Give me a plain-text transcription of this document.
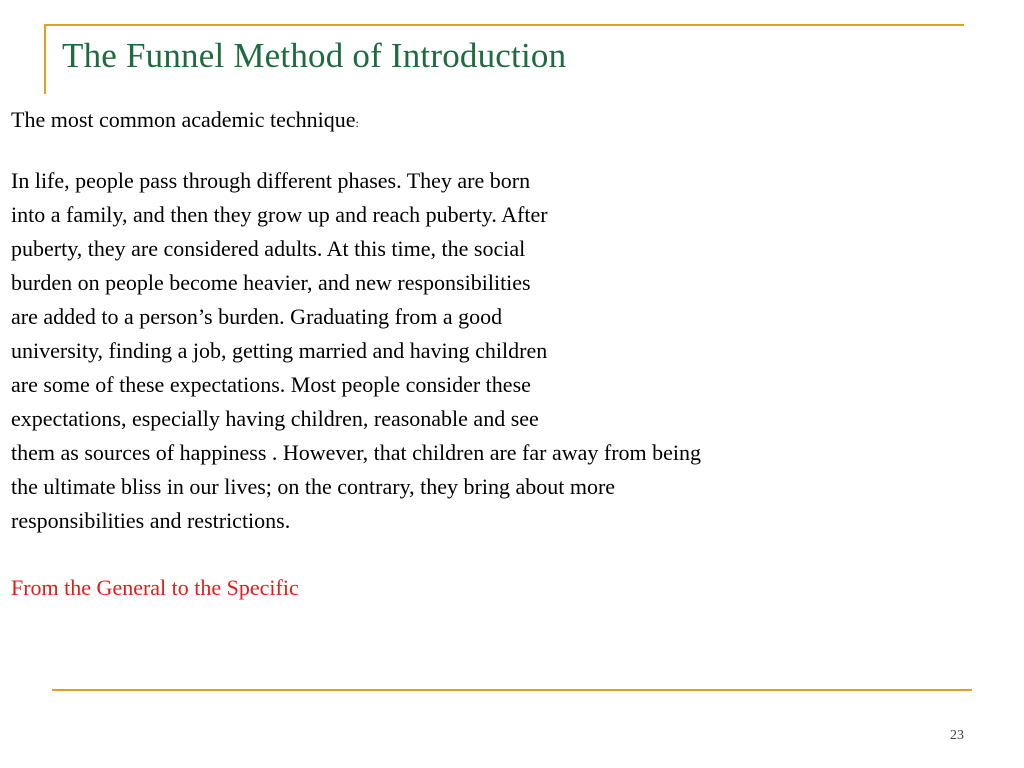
The Funnel Method of Introduction
The most common academic technique:

In life, people pass through different phases. They are born
into a family, and then they grow up and reach puberty. After
puberty, they are considered adults. At this time, the social
burden on people become heavier, and new responsibilities
are added to a person’s burden. Graduating from a good
university, finding a job, getting married and having children
are some of these expectations. Most people consider these
expectations, especially having children, reasonable and see
them as sources of happiness . However, that children are far away from being
the ultimate bliss in our lives; on the contrary, they bring about more
responsibilities and restrictions.

From the General to the Specific
23
